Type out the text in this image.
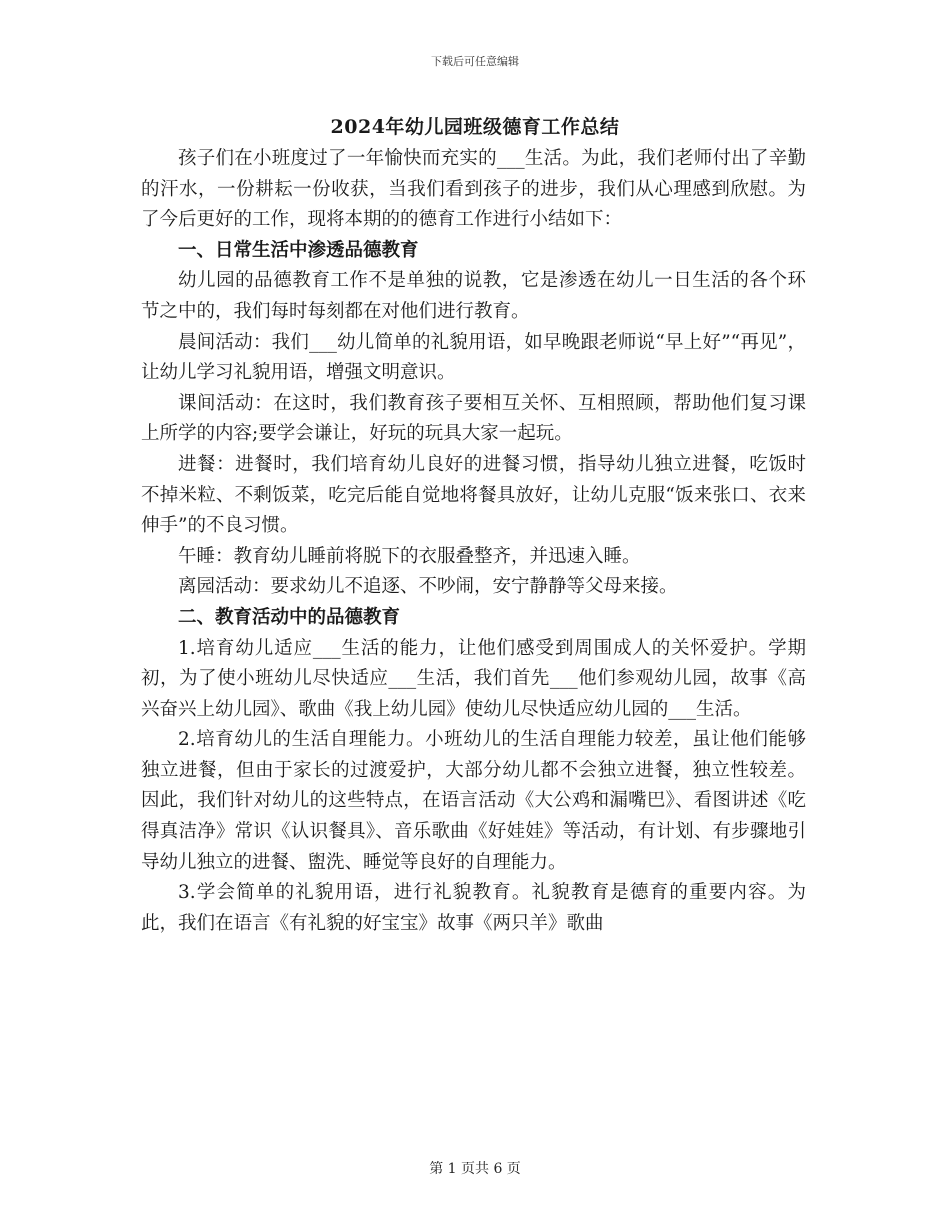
下载后可任意编辑
2024年幼儿园班级德育工作总结

孩子们在小班度过了一年愉快而充实的___生活。为此，我们老师付出了辛勤的汗水，一份耕耘一份收获，当我们看到孩子的进步，我们从心理感到欣慰。为了今后更好的工作，现将本期的的德育工作进行小结如下：

一、日常生活中渗透品德教育

幼儿园的品德教育工作不是单独的说教，它是渗透在幼儿一日生活的各个环节之中的，我们每时每刻都在对他们进行教育。

晨间活动：我们___幼儿简单的礼貌用语，如早晚跟老师说“早上好”“再见”，让幼儿学习礼貌用语，增强文明意识。

课间活动：在这时，我们教育孩子要相互关怀、互相照顾，帮助他们复习课上所学的内容;要学会谦让，好玩的玩具大家一起玩。

进餐：进餐时，我们培育幼儿良好的进餐习惯，指导幼儿独立进餐，吃饭时不掉米粒、不剩饭菜，吃完后能自觉地将餐具放好，让幼儿克服“饭来张口、衣来伸手”的不良习惯。

午睡：教育幼儿睡前将脱下的衣服叠整齐，并迅速入睡。

离园活动：要求幼儿不追逐、不吵闹，安宁静静等父母来接。

二、教育活动中的品德教育

1.培育幼儿适应___生活的能力，让他们感受到周围成人的关怀爱护。学期初，为了使小班幼儿尽快适应___生活，我们首先___他们参观幼儿园，故事《高兴奋兴上幼儿园》、歌曲《我上幼儿园》使幼儿尽快适应幼儿园的___生活。

2.培育幼儿的生活自理能力。小班幼儿的生活自理能力较差，虽让他们能够独立进餐，但由于家长的过渡爱护，大部分幼儿都不会独立进餐，独立性较差。因此，我们针对幼儿的这些特点，在语言活动《大公鸡和漏嘴巴》、看图讲述《吃得真洁净》常识《认识餐具》、音乐歌曲《好娃娃》等活动，有计划、有步骤地引导幼儿独立的进餐、盥洗、睡觉等良好的自理能力。

3.学会简单的礼貌用语，进行礼貌教育。礼貌教育是德育的重要内容。为此，我们在语言《有礼貌的好宝宝》故事《两只羊》歌曲

第 1 页共 6 页
